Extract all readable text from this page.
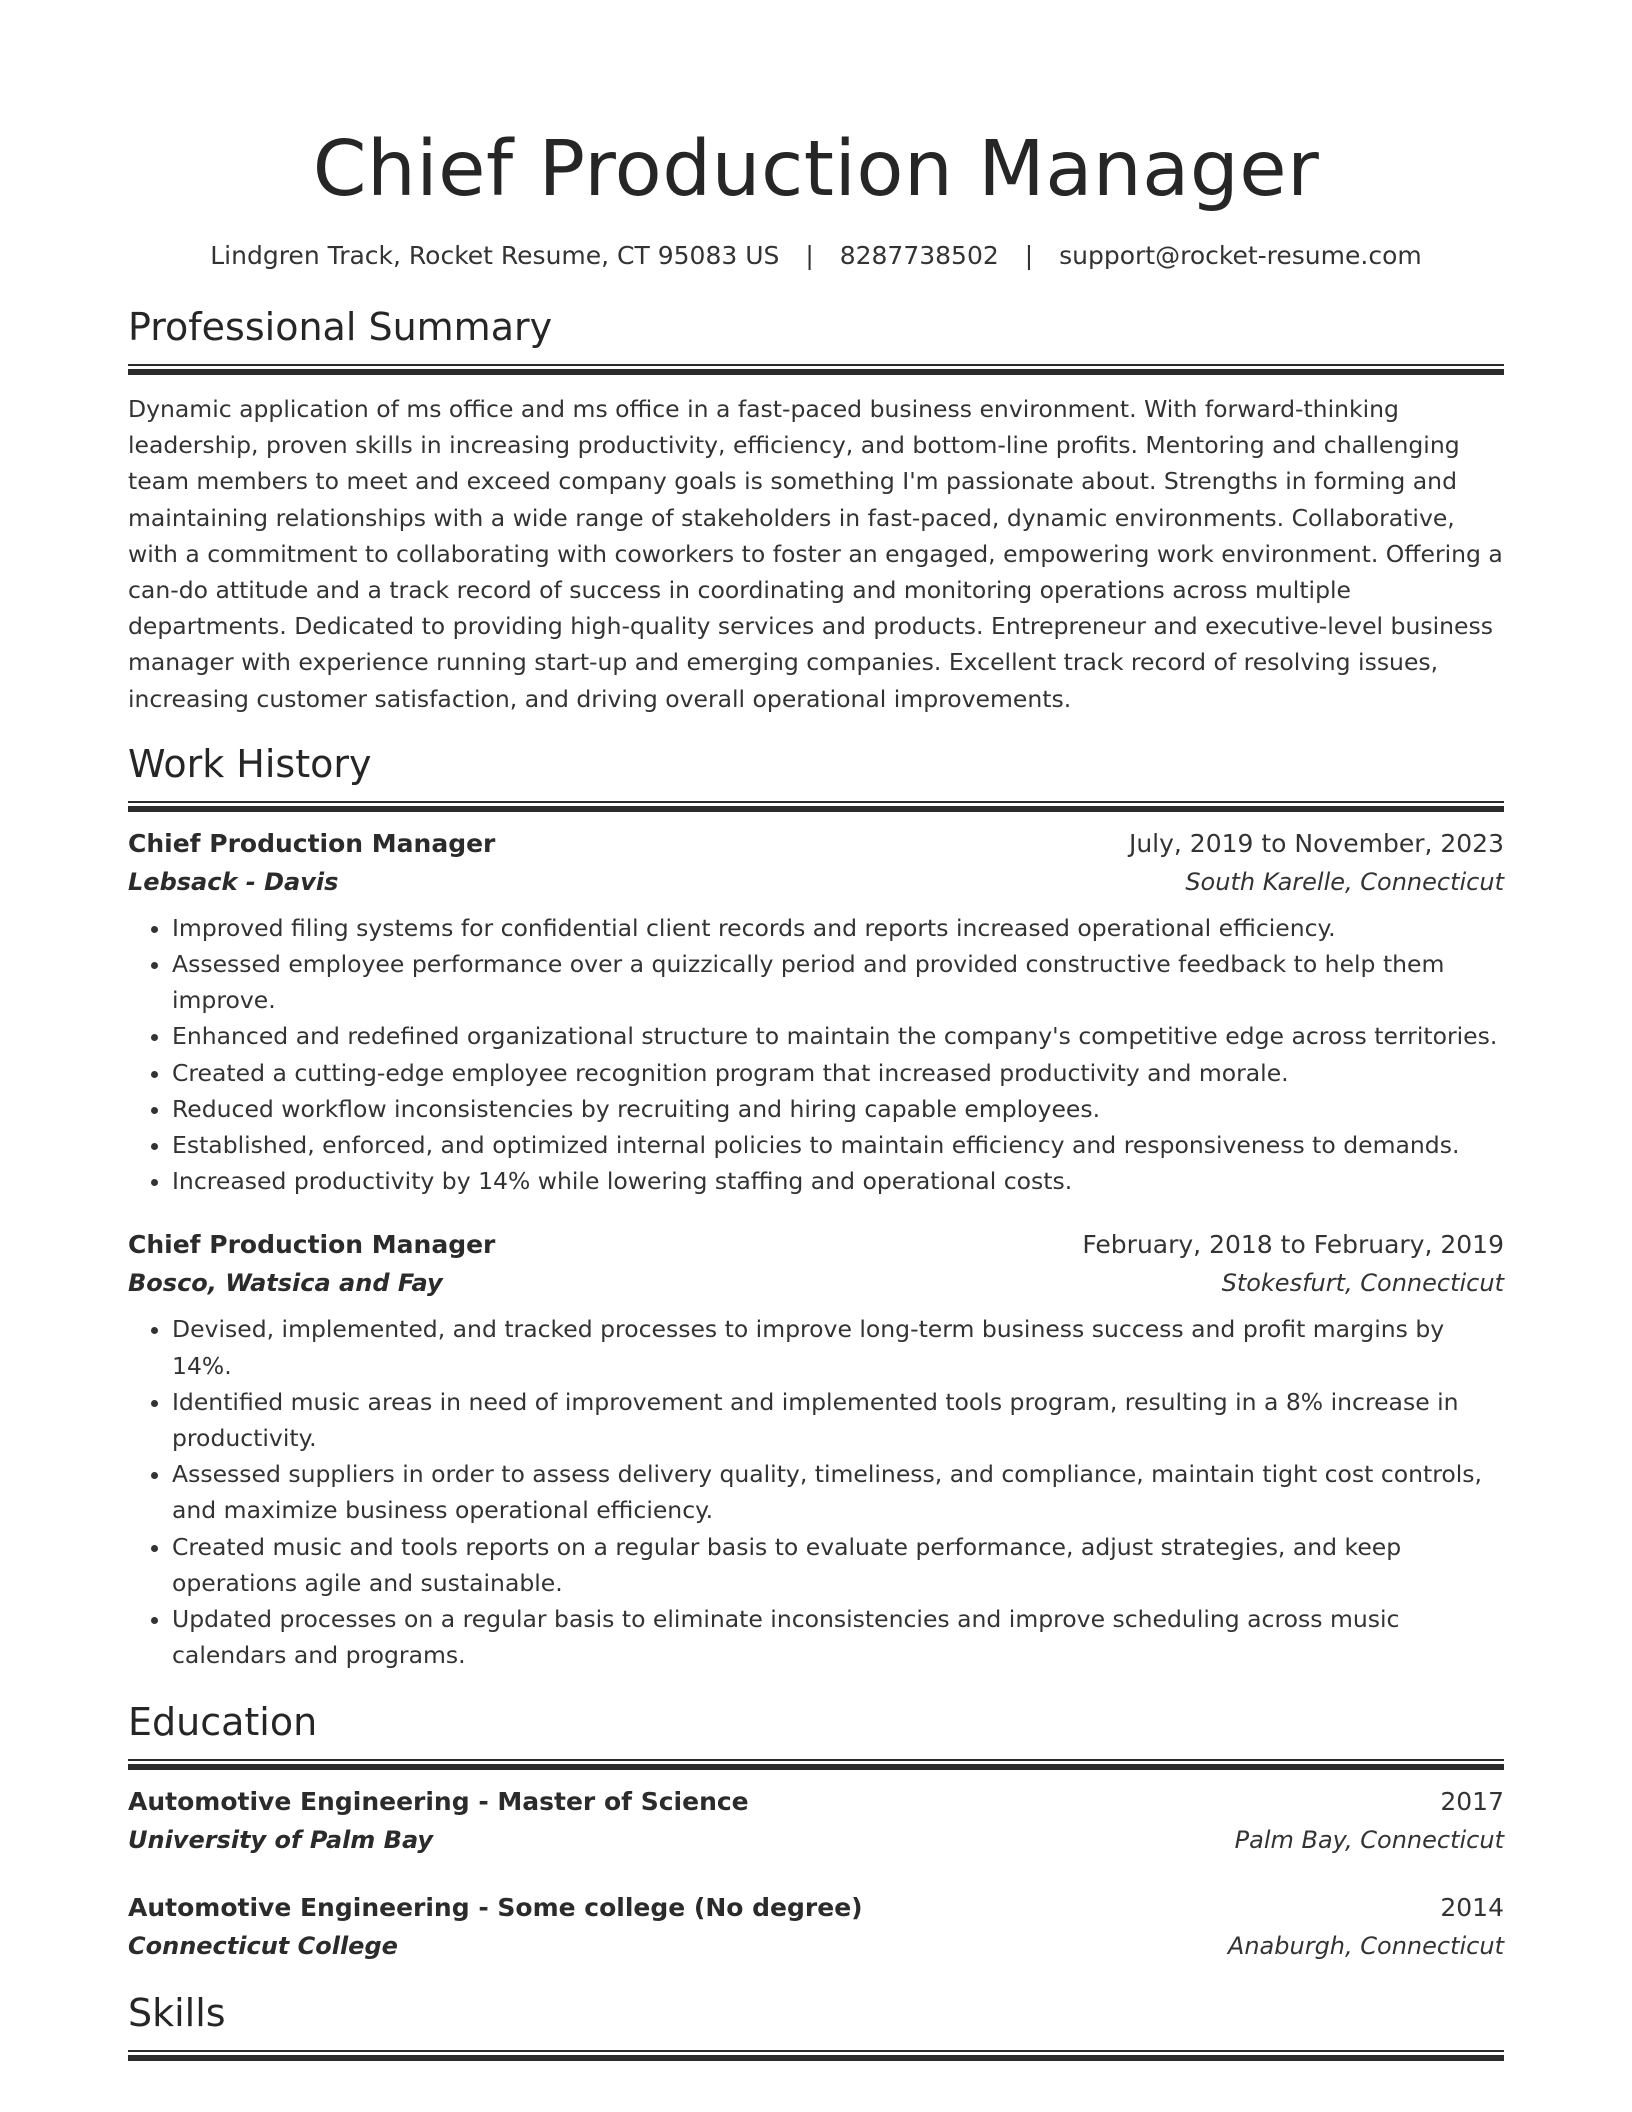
Chief Production Manager
Lindgren Track, Rocket Resume, CT 95083 US | 8287738502 | support@rocket-resume.com
Professional Summary

Dynamic application of ms office and ms office in a fast-paced business environment. With forward-thinking leadership, proven skills in increasing productivity, efficiency, and bottom-line profits. Mentoring and challenging team members to meet and exceed company goals is something I'm passionate about. Strengths in forming and maintaining relationships with a wide range of stakeholders in fast-paced, dynamic environments. Collaborative, with a commitment to collaborating with coworkers to foster an engaged, empowering work environment. Offering a can-do attitude and a track record of success in coordinating and monitoring operations across multiple departments. Dedicated to providing high-quality services and products. Entrepreneur and executive-level business manager with experience running start-up and emerging companies. Excellent track record of resolving issues, increasing customer satisfaction, and driving overall operational improvements.

Work History
Chief Production Manager	July, 2019 to November, 2023
Lebsack - Davis	South Karelle, Connecticut
• Improved filing systems for confidential client records and reports increased operational efficiency.
• Assessed employee performance over a quizzically period and provided constructive feedback to help them improve.
• Enhanced and redefined organizational structure to maintain the company's competitive edge across territories.
• Created a cutting-edge employee recognition program that increased productivity and morale.
• Reduced workflow inconsistencies by recruiting and hiring capable employees.
• Established, enforced, and optimized internal policies to maintain efficiency and responsiveness to demands.
• Increased productivity by 14% while lowering staffing and operational costs.
Chief Production Manager	February, 2018 to February, 2019
Bosco, Watsica and Fay	Stokesfurt, Connecticut
• Devised, implemented, and tracked processes to improve long-term business success and profit margins by 14%.
• Identified music areas in need of improvement and implemented tools program, resulting in a 8% increase in productivity.
• Assessed suppliers in order to assess delivery quality, timeliness, and compliance, maintain tight cost controls, and maximize business operational efficiency.
• Created music and tools reports on a regular basis to evaluate performance, adjust strategies, and keep operations agile and sustainable.
• Updated processes on a regular basis to eliminate inconsistencies and improve scheduling across music calendars and programs.
Education
Automotive Engineering - Master of Science	2017
University of Palm Bay	Palm Bay, Connecticut
Automotive Engineering - Some college (No degree)	2014
Connecticut College	Anaburgh, Connecticut
Skills
